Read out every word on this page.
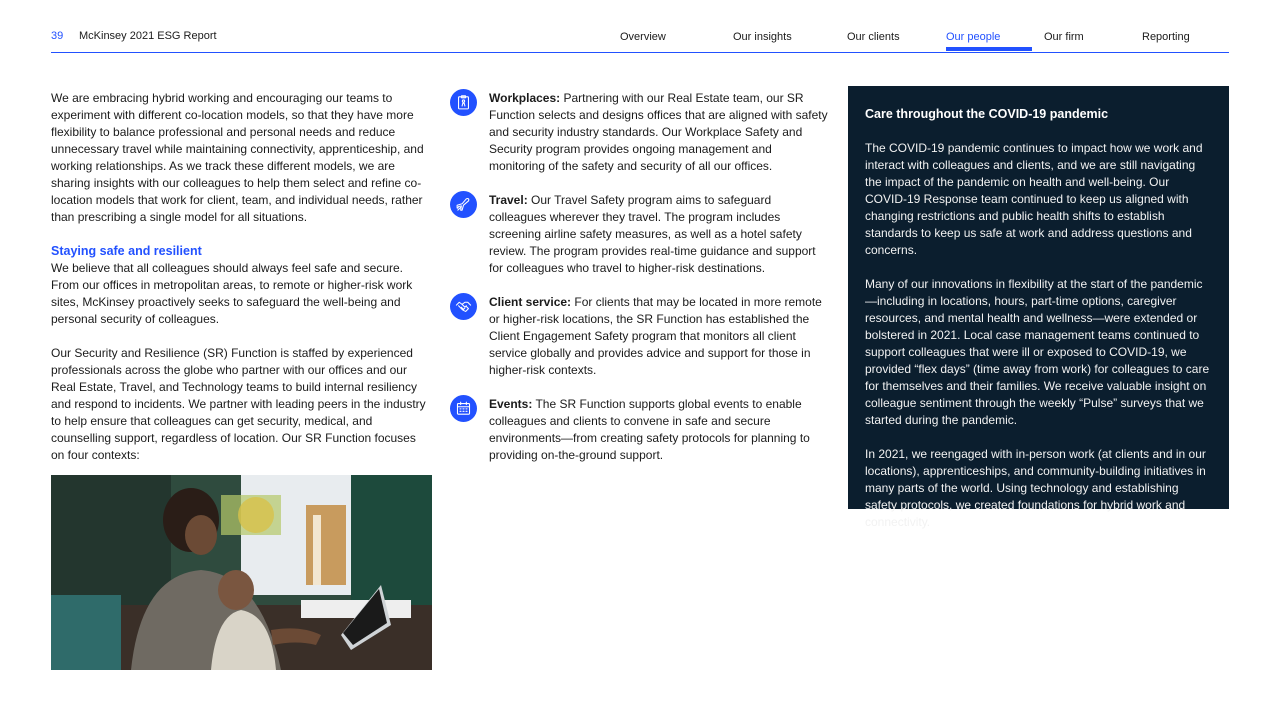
39 McKinsey 2021 ESG Report	Overview	Our insights	Our clients	Our people	Our firm	Reporting

We are embracing hybrid working and encouraging our teams to experiment with different co-location models, so that they have more flexibility to balance professional and personal needs and reduce unnecessary travel while maintaining connectivity, apprenticeship, and working relationships. As we track these different models, we are sharing insights with our colleagues to help them select and refine co-location models that work for client, team, and individual needs, rather than prescribing a single model for all situations.

Staying safe and resilient

We believe that all colleagues should always feel safe and secure. From our offices in metropolitan areas, to remote or higher-risk work sites, McKinsey proactively seeks to safeguard the well-being and personal security of colleagues.

Our Security and Resilience (SR) Function is staffed by experienced professionals across the globe who partner with our offices and our Real Estate, Travel, and Technology teams to build internal resiliency and respond to incidents. We partner with leading peers in the industry to help ensure that colleagues can get security, medical, and counselling support, regardless of location. Our SR Function focuses on four contexts:

Workplaces: Partnering with our Real Estate team, our SR Function selects and designs offices that are aligned with safety and security industry standards. Our Workplace Safety and Security program provides ongoing management and monitoring of the safety and security of all our offices.
Travel: Our Travel Safety program aims to safeguard colleagues wherever they travel. The program includes screening airline safety measures, as well as a hotel safety review. The program provides real-time guidance and support for colleagues who travel to higher-risk destinations.
Client service: For clients that may be located in more remote or higher-risk locations, the SR Function has established the Client Engagement Safety program that monitors all client service globally and provides advice and support for those in higher-risk contexts.
Events: The SR Function supports global events to enable colleagues and clients to convene in safe and secure environments—from creating safety protocols for planning to providing on-the-ground support.
Care throughout the COVID-19 pandemic

The COVID-19 pandemic continues to impact how we work and interact with colleagues and clients, and we are still navigating the impact of the pandemic on health and well-being. Our COVID-19 Response team continued to keep us aligned with changing restrictions and public health shifts to establish standards to keep us safe at work and address questions and concerns.

Many of our innovations in flexibility at the start of the pandemic—including in locations, hours, part-time options, caregiver resources, and mental health and wellness—were extended or bolstered in 2021. Local case management teams continued to support colleagues that were ill or exposed to COVID-19, we provided “flex days” (time away from work) for colleagues to care for themselves and their families. We receive valuable insight on colleague sentiment through the weekly “Pulse” surveys that we started during the pandemic.

In 2021, we reengaged with in-person work (at clients and in our locations), apprenticeships, and community-building initiatives in many parts of the world. Using technology and establishing safety protocols, we created foundations for hybrid work and connectivity.
